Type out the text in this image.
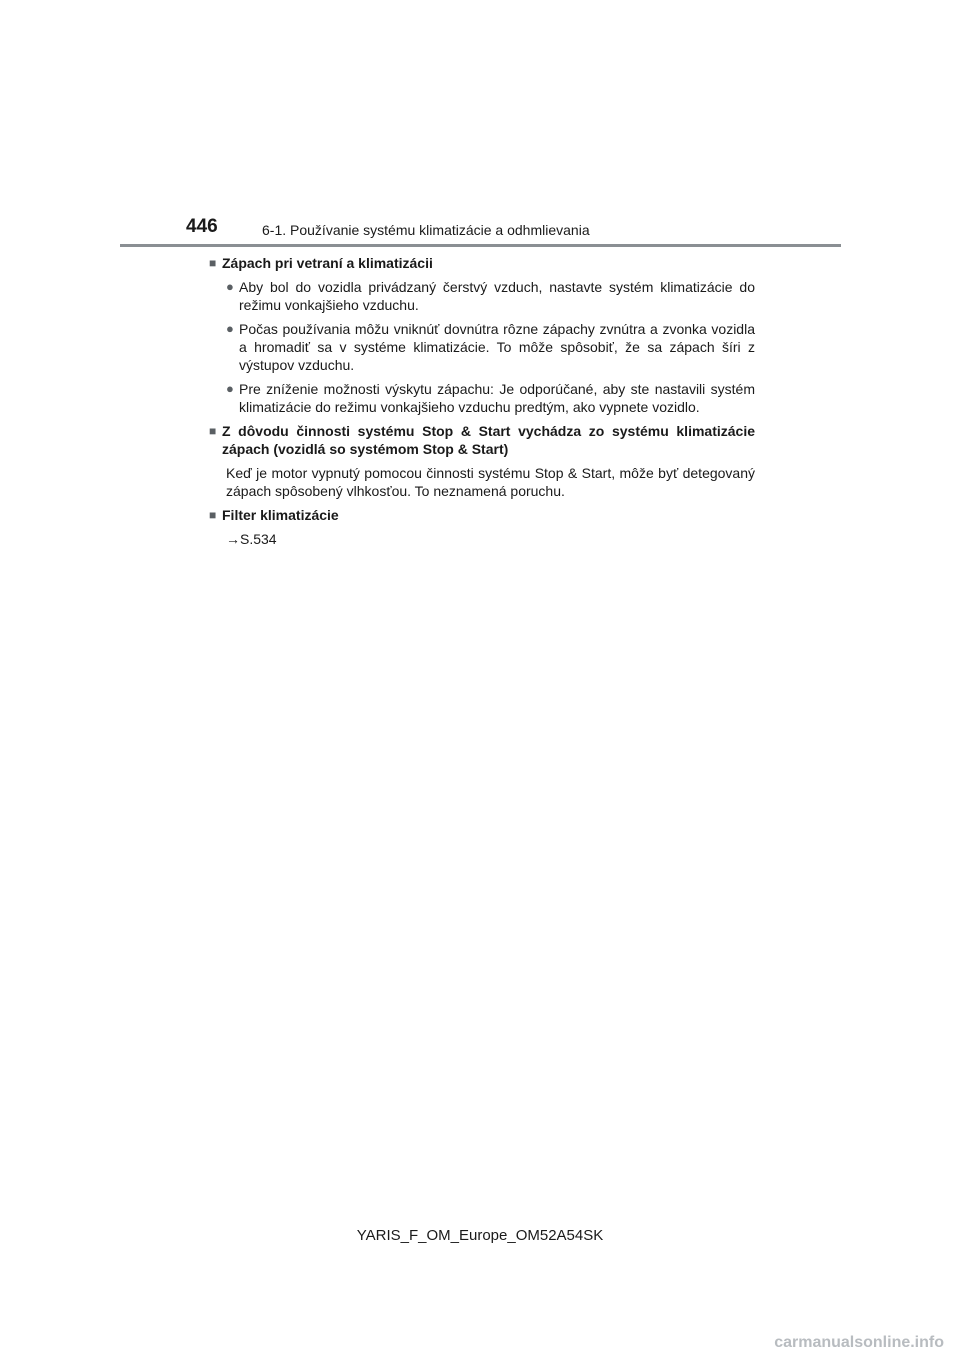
446	6-1. Používanie systému klimatizácie a odhmlievania
■ Zápach pri vetraní a klimatizácii
● Aby bol do vozidla privádzaný čerstvý vzduch, nastavte systém klimatizácie do režimu vonkajšieho vzduchu.
● Počas používania môžu vniknúť dovnútra rôzne zápachy zvnútra a zvonka vozidla a hromadiť sa v systéme klimatizácie. To môže spôsobiť, že sa zápach šíri z výstupov vzduchu.
● Pre zníženie možnosti výskytu zápachu: Je odporúčané, aby ste nastavili systém klimatizácie do režimu vonkajšieho vzduchu predtým, ako vypnete vozidlo.
■ Z dôvodu činnosti systému Stop & Start vychádza zo systému klimatizácie zápach (vozidlá so systémom Stop & Start)
Keď je motor vypnutý pomocou činnosti systému Stop & Start, môže byť detegovaný zápach spôsobený vlhkosťou. To neznamená poruchu.
■ Filter klimatizácie
→S.534
YARIS_F_OM_Europe_OM52A54SK
carmanualsonline.info
